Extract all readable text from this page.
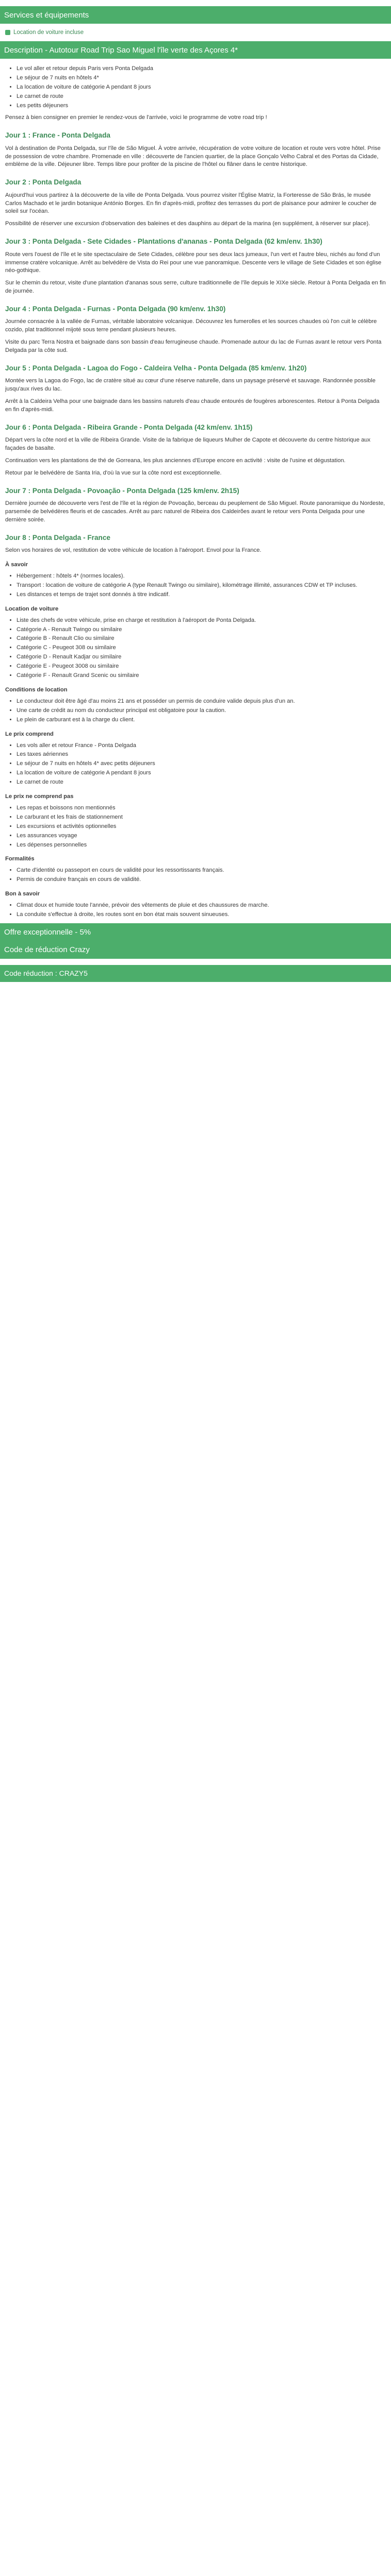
Services et équipements
Location de voiture incluse
Description - Autotour Road Trip Sao Miguel l'île verte des Açores 4*
• Le vol aller et retour depuis Paris vers Ponta Delgada
• Le séjour de 7 nuits en hôtels 4*
• La location de voiture de catégorie A pendant 8 jours
• Le carnet de route
• Les petits déjeuners

Pensez à bien consigner en premier le rendez-vous de l'arrivée, voici le programme de votre road trip !

Jour 1 : France - Ponta Delgada

Vol à destination de Ponta Delgada, sur l'île de São Miguel. À votre arrivée, récupération de votre voiture de location et route vers votre hôtel. Prise de possession de votre chambre. Promenade en ville : découverte de l'ancien quartier, de la place Gonçalo Velho Cabral et des Portas da Cidade, emblème de la ville. Déjeuner libre. Temps libre pour profiter de la piscine de l'hôtel ou flâner dans le centre historique.

Jour 2 : Ponta Delgada

Aujourd'hui vous partirez à la découverte de la ville de Ponta Delgada. Vous pourrez visiter l'Église Matriz, la Forteresse de São Brás, le musée Carlos Machado et le jardin botanique António Borges. En fin d'après-midi, profitez des terrasses du port de plaisance pour admirer le coucher de soleil sur l'océan.

Possibilité de réserver une excursion d'observation des baleines et des dauphins au départ de la marina (en supplément, à réserver sur place).

Jour 3 : Ponta Delgada - Sete Cidades - Plantations d'ananas - Ponta Delgada (62 km/env. 1h30)

Route vers l'ouest de l'île et le site spectaculaire de Sete Cidades, célèbre pour ses deux lacs jumeaux, l'un vert et l'autre bleu, nichés au fond d'un immense cratère volcanique. Arrêt au belvédère de Vista do Rei pour une vue panoramique. Descente vers le village de Sete Cidades et son église néo-gothique.

Sur le chemin du retour, visite d'une plantation d'ananas sous serre, culture traditionnelle de l'île depuis le XIXe siècle. Retour à Ponta Delgada en fin de journée.

Jour 4 : Ponta Delgada - Furnas - Ponta Delgada (90 km/env. 1h30)

Journée consacrée à la vallée de Furnas, véritable laboratoire volcanique. Découvrez les fumerolles et les sources chaudes où l'on cuit le célèbre cozido, plat traditionnel mijoté sous terre pendant plusieurs heures.

Visite du parc Terra Nostra et baignade dans son bassin d'eau ferrugineuse chaude. Promenade autour du lac de Furnas avant le retour vers Ponta Delgada par la côte sud.

Jour 5 : Ponta Delgada - Lagoa do Fogo - Caldeira Velha - Ponta Delgada (85 km/env. 1h20)

Montée vers la Lagoa do Fogo, lac de cratère situé au cœur d'une réserve naturelle, dans un paysage préservé et sauvage. Randonnée possible jusqu'aux rives du lac.

Arrêt à la Caldeira Velha pour une baignade dans les bassins naturels d'eau chaude entourés de fougères arborescentes. Retour à Ponta Delgada en fin d'après-midi.

Jour 6 : Ponta Delgada - Ribeira Grande - Ponta Delgada (42 km/env. 1h15)

Départ vers la côte nord et la ville de Ribeira Grande. Visite de la fabrique de liqueurs Mulher de Capote et découverte du centre historique aux façades de basalte.

Continuation vers les plantations de thé de Gorreana, les plus anciennes d'Europe encore en activité : visite de l'usine et dégustation.

Retour par le belvédère de Santa Iria, d'où la vue sur la côte nord est exceptionnelle.

Jour 7 : Ponta Delgada - Povoação - Ponta Delgada (125 km/env. 2h15)

Dernière journée de découverte vers l'est de l'île et la région de Povoação, berceau du peuplement de São Miguel. Route panoramique du Nordeste, parsemée de belvédères fleuris et de cascades. Arrêt au parc naturel de Ribeira dos Caldeirões avant le retour vers Ponta Delgada pour une dernière soirée.

Jour 8 : Ponta Delgada - France

Selon vos horaires de vol, restitution de votre véhicule de location à l'aéroport. Envol pour la France.

À savoir
• Hébergement : hôtels 4* (normes locales).
• Transport : location de voiture de catégorie A (type Renault Twingo ou similaire), kilométrage illimité, assurances CDW et TP incluses.
• Les distances et temps de trajet sont donnés à titre indicatif.
Location de voiture
• Liste des chefs de votre véhicule, prise en charge et restitution à l'aéroport de Ponta Delgada.
• Catégorie A - Renault Twingo ou similaire
• Catégorie B - Renault Clio ou similaire
• Catégorie C - Peugeot 308 ou similaire
• Catégorie D - Renault Kadjar ou similaire
• Catégorie E - Peugeot 3008 ou similaire
• Catégorie F - Renault Grand Scenic ou similaire
Conditions de location
• Le conducteur doit être âgé d'au moins 21 ans et posséder un permis de conduire valide depuis plus d'un an.
• Une carte de crédit au nom du conducteur principal est obligatoire pour la caution.
• Le plein de carburant est à la charge du client.
Le prix comprend
• Les vols aller et retour France - Ponta Delgada
• Les taxes aériennes
• Le séjour de 7 nuits en hôtels 4* avec petits déjeuners
• La location de voiture de catégorie A pendant 8 jours
• Le carnet de route
Le prix ne comprend pas
• Les repas et boissons non mentionnés
• Le carburant et les frais de stationnement
• Les excursions et activités optionnelles
• Les assurances voyage
• Les dépenses personnelles
Formalités
• Carte d'identité ou passeport en cours de validité pour les ressortissants français.
• Permis de conduire français en cours de validité.
Bon à savoir
• Climat doux et humide toute l'année, prévoir des vêtements de pluie et des chaussures de marche.
• La conduite s'effectue à droite, les routes sont en bon état mais souvent sinueuses.
Offre exceptionnelle - 5%
Code de réduction Crazy
Code réduction : CRAZY5
